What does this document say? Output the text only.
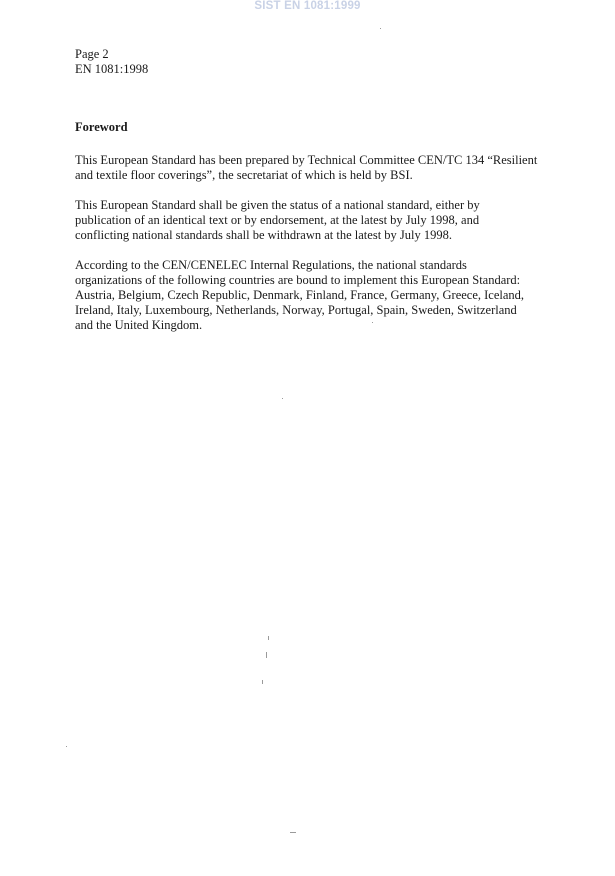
SIST EN 1081:1999
Page 2
EN 1081:1998
Foreword
This European Standard has been prepared by Technical Committee CEN/TC 134 “Resilient
and textile floor coverings”, the secretariat of which is held by BSI.
This European Standard shall be given the status of a national standard, either by
publication of an identical text or by endorsement, at the latest by July 1998, and
conflicting national standards shall be withdrawn at the latest by July 1998.
According to the CEN/CENELEC Internal Regulations, the national standards
organizations of the following countries are bound to implement this European Standard:
Austria, Belgium, Czech Republic, Denmark, Finland, France, Germany, Greece, Iceland,
Ireland, Italy, Luxembourg, Netherlands, Norway, Portugal, Spain, Sweden, Switzerland
and the United Kingdom.
